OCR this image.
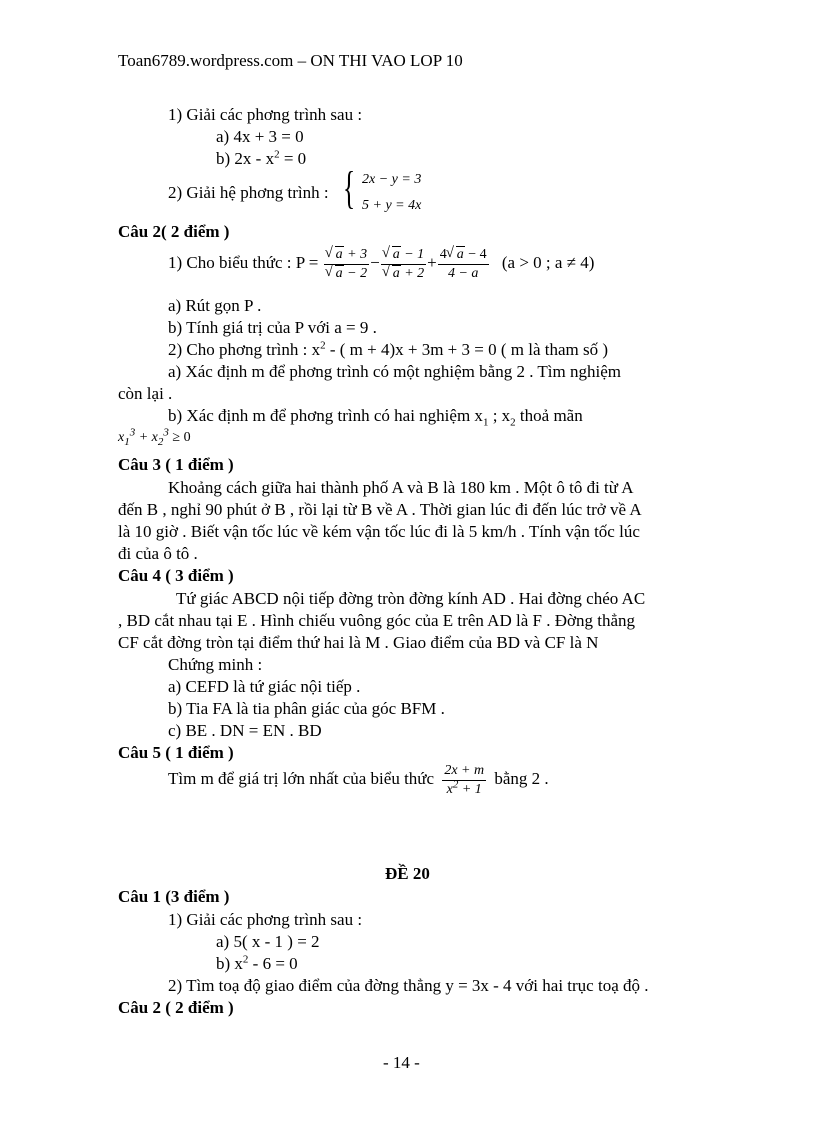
Toan6789.wordpress.com – ON THI VAO LOP 10
1) Giải các phơng trình sau :
a) 4x + 3 = 0
b) $2x - x^2 = 0$
2) Giải hệ phơng trình : { 2x − y = 3
5 + y = 4x
Câu 2( 2 điểm )
1) Cho biểu thức : P = √ a + 3
√ a − 2 − √ a − 1
√ $a + 2 + \frac{4 √ a - 4}{4 - a} (a > 0$ ; a ≠ 4)
a) Rút gọn P .
b) Tính giá trị của P với a = 9 .
2) Cho phơng trình : $x^2$ - ( m + 4)x + 3m + 3 = 0 ( m là tham số )
a) Xác định m để phơng trình có một nghiệm bằng 2 . Tìm nghiệm
còn lại .
b) Xác định m để phơng trình có hai nghiệm $x_1$ ; $x_2$ thoả mãn
$x_1^3 + x_2^3 \ge 0$
Câu 3 ( 1 điểm )
Khoảng cách giữa hai thành phố A và B là 180 km . Một ô tô đi từ A
đến B , nghỉ 90 phút ở B , rồi lại từ B về A . Thời gian lúc đi đến lúc trở về A
là 10 giờ . Biết vận tốc lúc về kém vận tốc lúc đi là 5 km/h . Tính vận tốc lúc
đi của ô tô .
Câu 4 ( 3 điểm )
Tứ giác ABCD nội tiếp đờng tròn đờng kính AD . Hai đờng chéo AC
, BD cắt nhau tại E . Hình chiếu vuông góc của E trên AD là F . Đờng thẳng
CF cắt đờng tròn tại điểm thứ hai là M . Giao điểm của BD và CF là N
Chứng minh :
a) CEFD là tứ giác nội tiếp .
b) Tia FA là tia phân giác của góc BFM .
c) BE . DN = EN . BD
Câu 5 ( 1 điểm )
Tìm m để giá trị lớn nhất của biểu thức $\frac{2x + m}{x^2 + 1}$ bằng 2 .
ĐỀ 20
Câu 1 (3 điểm )
1) Giải các phơng trình sau :
a) 5( x - 1 ) = 2
b) $x^2 - 6 = 0$
2) Tìm toạ độ giao điểm của đờng thẳng y = 3x - 4 với hai trục toạ độ .
Câu 2 ( 2 điểm )
- 14 -
